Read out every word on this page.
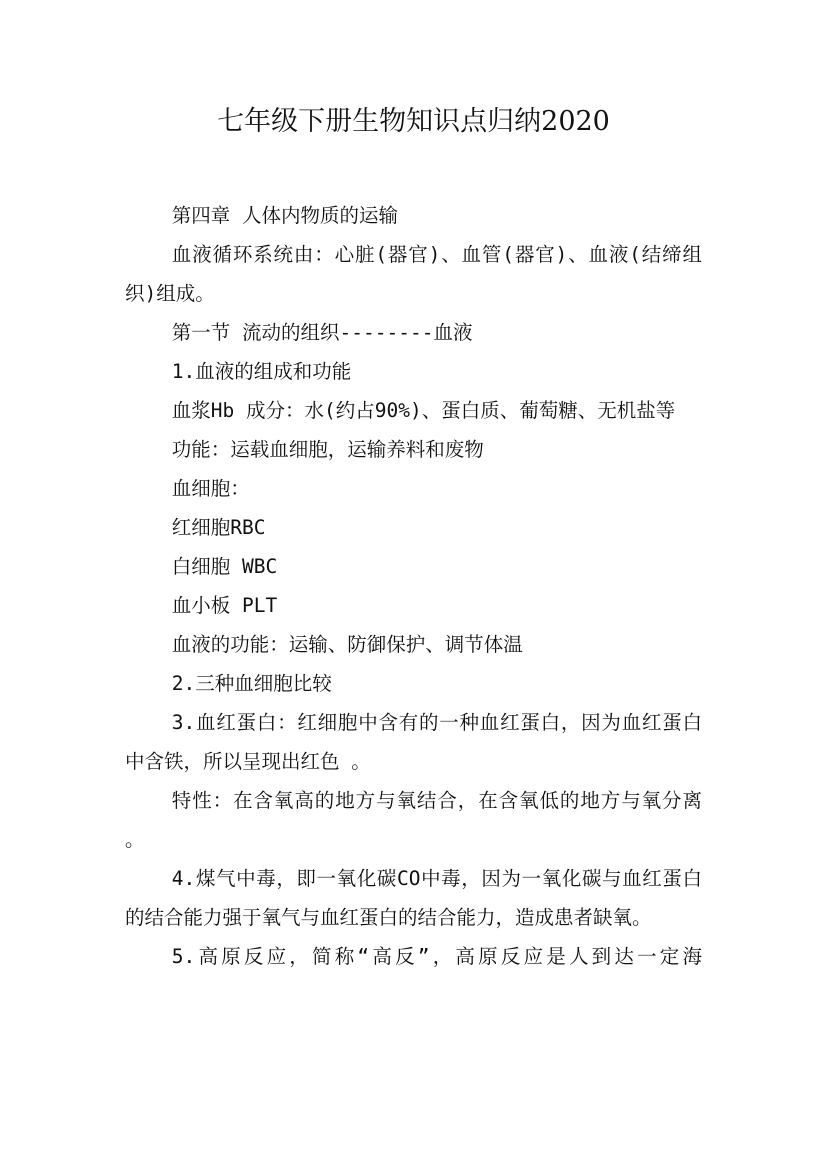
七年级下册生物知识点归纳2020

第四章 人体内物质的运输

血液循环系统由：心脏(器官)、血管(器官)、血液(结缔组织)组成。

第一节 流动的组织--------血液

1.血液的组成和功能

血浆Hb 成分：水(约占90%)、蛋白质、葡萄糖、无机盐等

功能：运载血细胞，运输养料和废物

血细胞：

红细胞RBC

白细胞 WBC

血小板 PLT

血液的功能：运输、防御保护、调节体温

2.三种血细胞比较

3.血红蛋白：红细胞中含有的一种血红蛋白，因为血红蛋白中含铁，所以呈现出红色 。

特性：在含氧高的地方与氧结合，在含氧低的地方与氧分离 。

4.煤气中毒，即一氧化碳CO中毒，因为一氧化碳与血红蛋白的结合能力强于氧气与血红蛋白的结合能力，造成患者缺氧。

5.高原反应，简称“高反”，高原反应是人到达一定海
